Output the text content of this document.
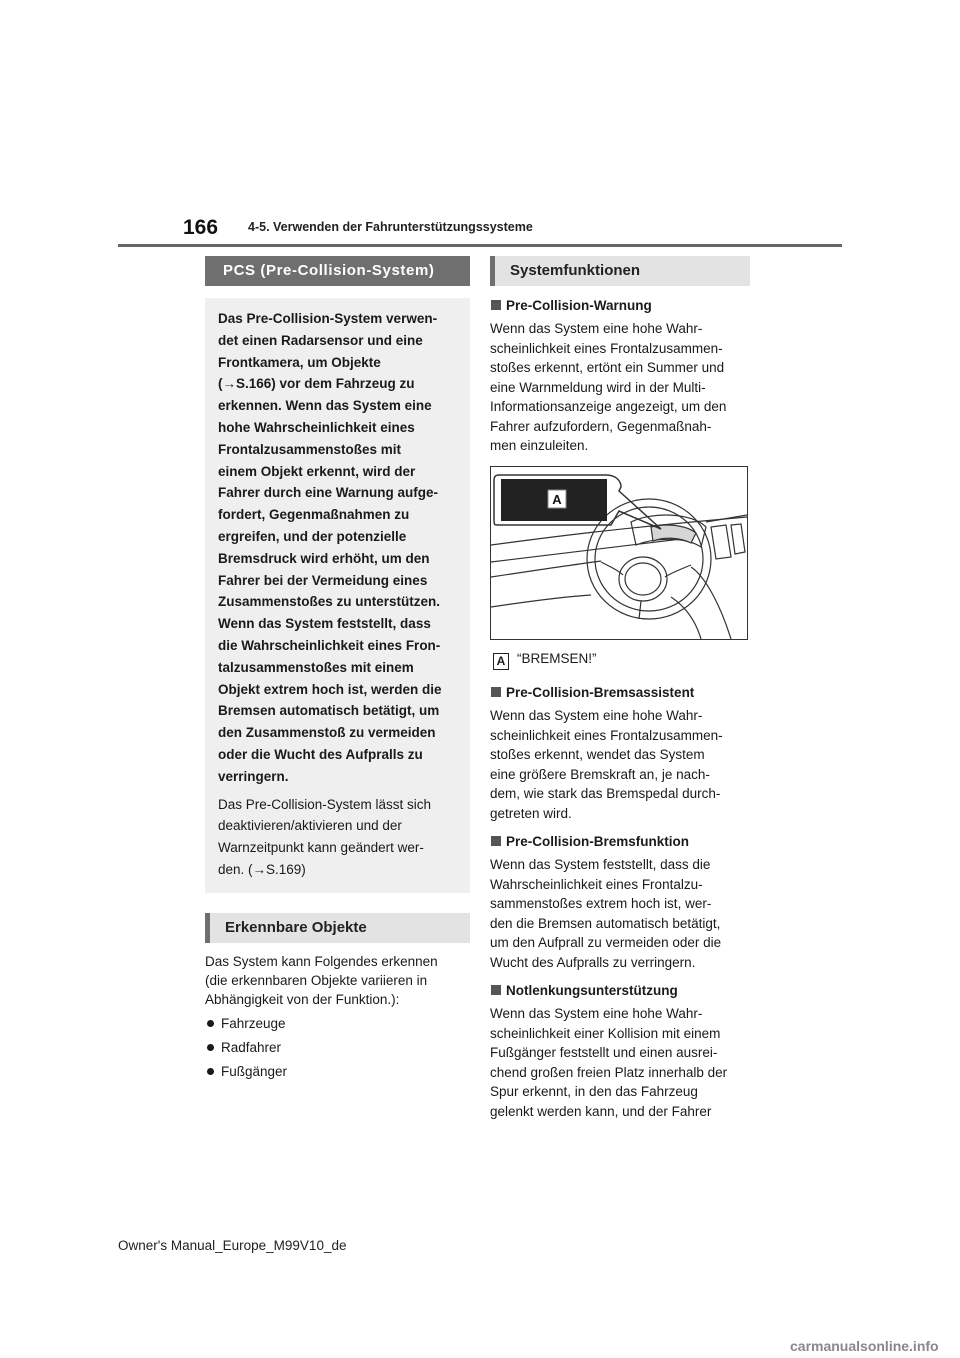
166 4-5. Verwenden der Fahrunterstützungssysteme
PCS (Pre-Collision-System)

Das Pre-Collision-System verwen-

det einen Radarsensor und eine

Frontkamera, um Objekte

(→S.166) vor dem Fahrzeug zu

erkennen. Wenn das System eine

hohe Wahrscheinlichkeit eines

Frontalzusammenstoßes mit

einem Objekt erkennt, wird der

Fahrer durch eine Warnung aufge-

fordert, Gegenmaßnahmen zu

ergreifen, und der potenzielle

Bremsdruck wird erhöht, um den

Fahrer bei der Vermeidung eines

Zusammenstoßes zu unterstützen.

Wenn das System feststellt, dass

die Wahrscheinlichkeit eines Fron-

talzusammenstoßes mit einem

Objekt extrem hoch ist, werden die

Bremsen automatisch betätigt, um

den Zusammenstoß zu vermeiden

oder die Wucht des Aufpralls zu

verringern.

Das Pre-Collision-System lässt sich

deaktivieren/aktivieren und der

Warnzeitpunkt kann geändert wer-

den. (→S.169)

Erkennbare Objekte

Das System kann Folgendes erkennen

(die erkennbaren Objekte variieren in

Abhängigkeit von der Funktion.):

Fahrzeuge

Radfahrer

Fußgänger

Systemfunktionen

Pre-Collision-Warnung

Wenn das System eine hohe Wahr-

scheinlichkeit eines Frontalzusammen-

stoßes erkennt, ertönt ein Summer und

eine Warnmeldung wird in der Multi-

Informationsanzeige angezeigt, um den

Fahrer aufzufordern, Gegenmaßnah-

men einzuleiten.

A
A “BREMSEN!”

Pre-Collision-Bremsassistent

Wenn das System eine hohe Wahr-

scheinlichkeit eines Frontalzusammen-

stoßes erkennt, wendet das System

eine größere Bremskraft an, je nach-

dem, wie stark das Bremspedal durch-

getreten wird.

Pre-Collision-Bremsfunktion

Wenn das System feststellt, dass die

Wahrscheinlichkeit eines Frontalzu-

sammenstoßes extrem hoch ist, wer-

den die Bremsen automatisch betätigt,

um den Aufprall zu vermeiden oder die

Wucht des Aufpralls zu verringern.

Notlenkungsunterstützung

Wenn das System eine hohe Wahr-

scheinlichkeit einer Kollision mit einem

Fußgänger feststellt und einen ausrei-

chend großen freien Platz innerhalb der

Spur erkennt, in den das Fahrzeug

gelenkt werden kann, und der Fahrer

Owner's Manual_Europe_M99V10_de
carmanualsonline.info
